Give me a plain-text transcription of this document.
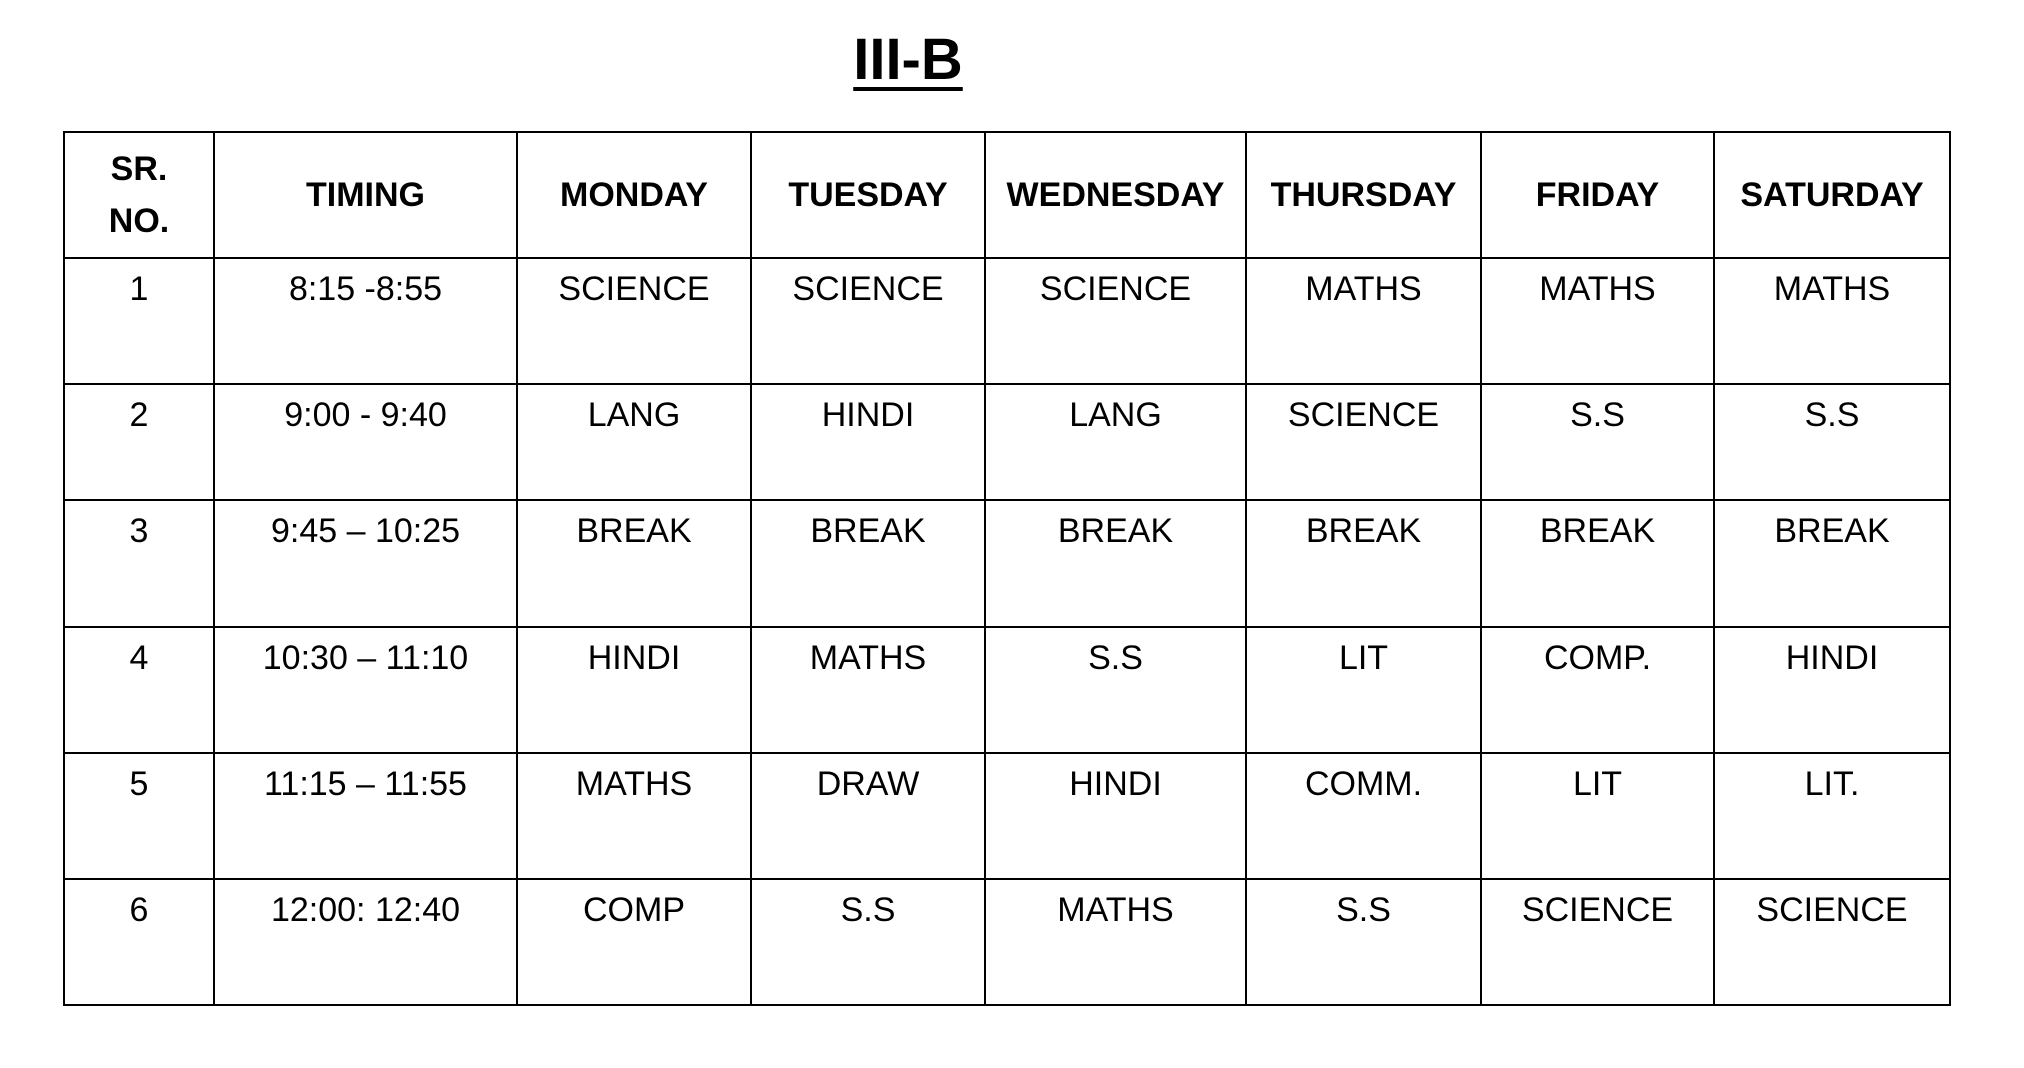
III-B
SR.
NO.	TIMING	MONDAY	TUESDAY	WEDNESDAY	THURSDAY	FRIDAY	SATURDAY
1	8:15 -8:55	SCIENCE	SCIENCE	SCIENCE	MATHS	MATHS	MATHS
2	9:00 - 9:40	LANG	HINDI	LANG	SCIENCE	S.S	S.S
3	9:45 – 10:25	BREAK	BREAK	BREAK	BREAK	BREAK	BREAK
4	10:30 – 11:10	HINDI	MATHS	S.S	LIT	COMP.	HINDI
5	11:15 – 11:55	MATHS	DRAW	HINDI	COMM.	LIT	LIT.
6	12:00: 12:40	COMP	S.S	MATHS	S.S	SCIENCE	SCIENCE
